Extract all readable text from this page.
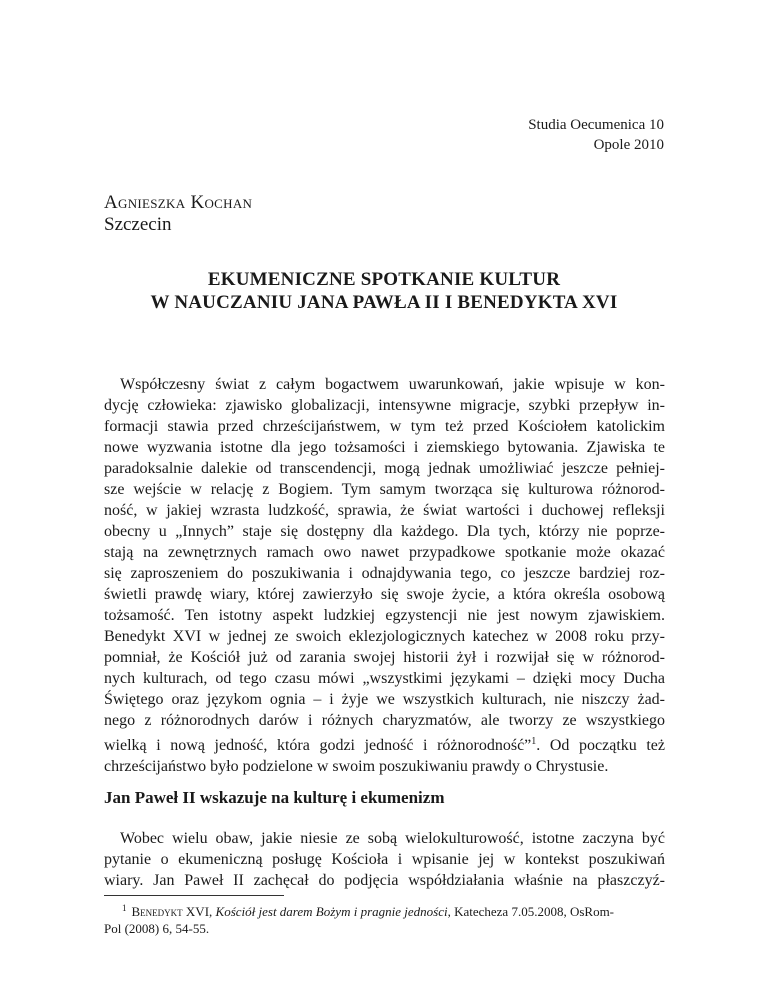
Studia Oecumenica 10
Opole 2010
Agnieszka Kochan
Szczecin
EKUMENICZNE SPOTKANIE KULTUR
W NAUCZANIU JANA PAWŁA II I BENEDYKTA XVI
Współczesny świat z całym bogactwem uwarunkowań, jakie wpisuje w kon-
dycję człowieka: zjawisko globalizacji, intensywne migracje, szybki przepływ in-
formacji stawia przed chrześcijaństwem, w tym też przed Kościołem katolickim
nowe wyzwania istotne dla jego tożsamości i ziemskiego bytowania. Zjawiska te
paradoksalnie dalekie od transcendencji, mogą jednak umożliwiać jeszcze pełniej-
sze wejście w relację z Bogiem. Tym samym tworząca się kulturowa różnorod-
ność, w jakiej wzrasta ludzkość, sprawia, że świat wartości i duchowej refleksji
obecny u „Innych” staje się dostępny dla każdego. Dla tych, którzy nie poprze-
stają na zewnętrznych ramach owo nawet przypadkowe spotkanie może okazać
się zaproszeniem do poszukiwania i odnajdywania tego, co jeszcze bardziej roz-
świetli prawdę wiary, której zawierzyło się swoje życie, a która określa osobową
tożsamość. Ten istotny aspekt ludzkiej egzystencji nie jest nowym zjawiskiem.
Benedykt XVI w jednej ze swoich eklezjologicznych katechez w 2008 roku przy-
pomniał, że Kościół już od zarania swojej historii żył i rozwijał się w różnorod-
nych kulturach, od tego czasu mówi „wszystkimi językami – dzięki mocy Ducha
Świętego oraz językom ognia – i żyje we wszystkich kulturach, nie niszczy żad-
nego z różnorodnych darów i różnych charyzmatów, ale tworzy ze wszystkiego
wielką i nową jedność, która godzi jedność i różnorodność”$^1$. Od początku też
chrześcijaństwo było podzielone w swoim poszukiwaniu prawdy o Chrystusie.
Jan Paweł II wskazuje na kulturę i ekumenizm
Wobec wielu obaw, jakie niesie ze sobą wielokulturowość, istotne zaczyna być
pytanie o ekumeniczną posługę Kościoła i wpisanie jej w kontekst poszukiwań
wiary. Jan Paweł II zachęcał do podjęcia współdziałania właśnie na płaszczyź-
$^1$ Benedykt XVI, Kościół jest darem Bożym i pragnie jedności, Katecheza 7.05.2008, OsRom-
Pol (2008) 6, 54-55.
